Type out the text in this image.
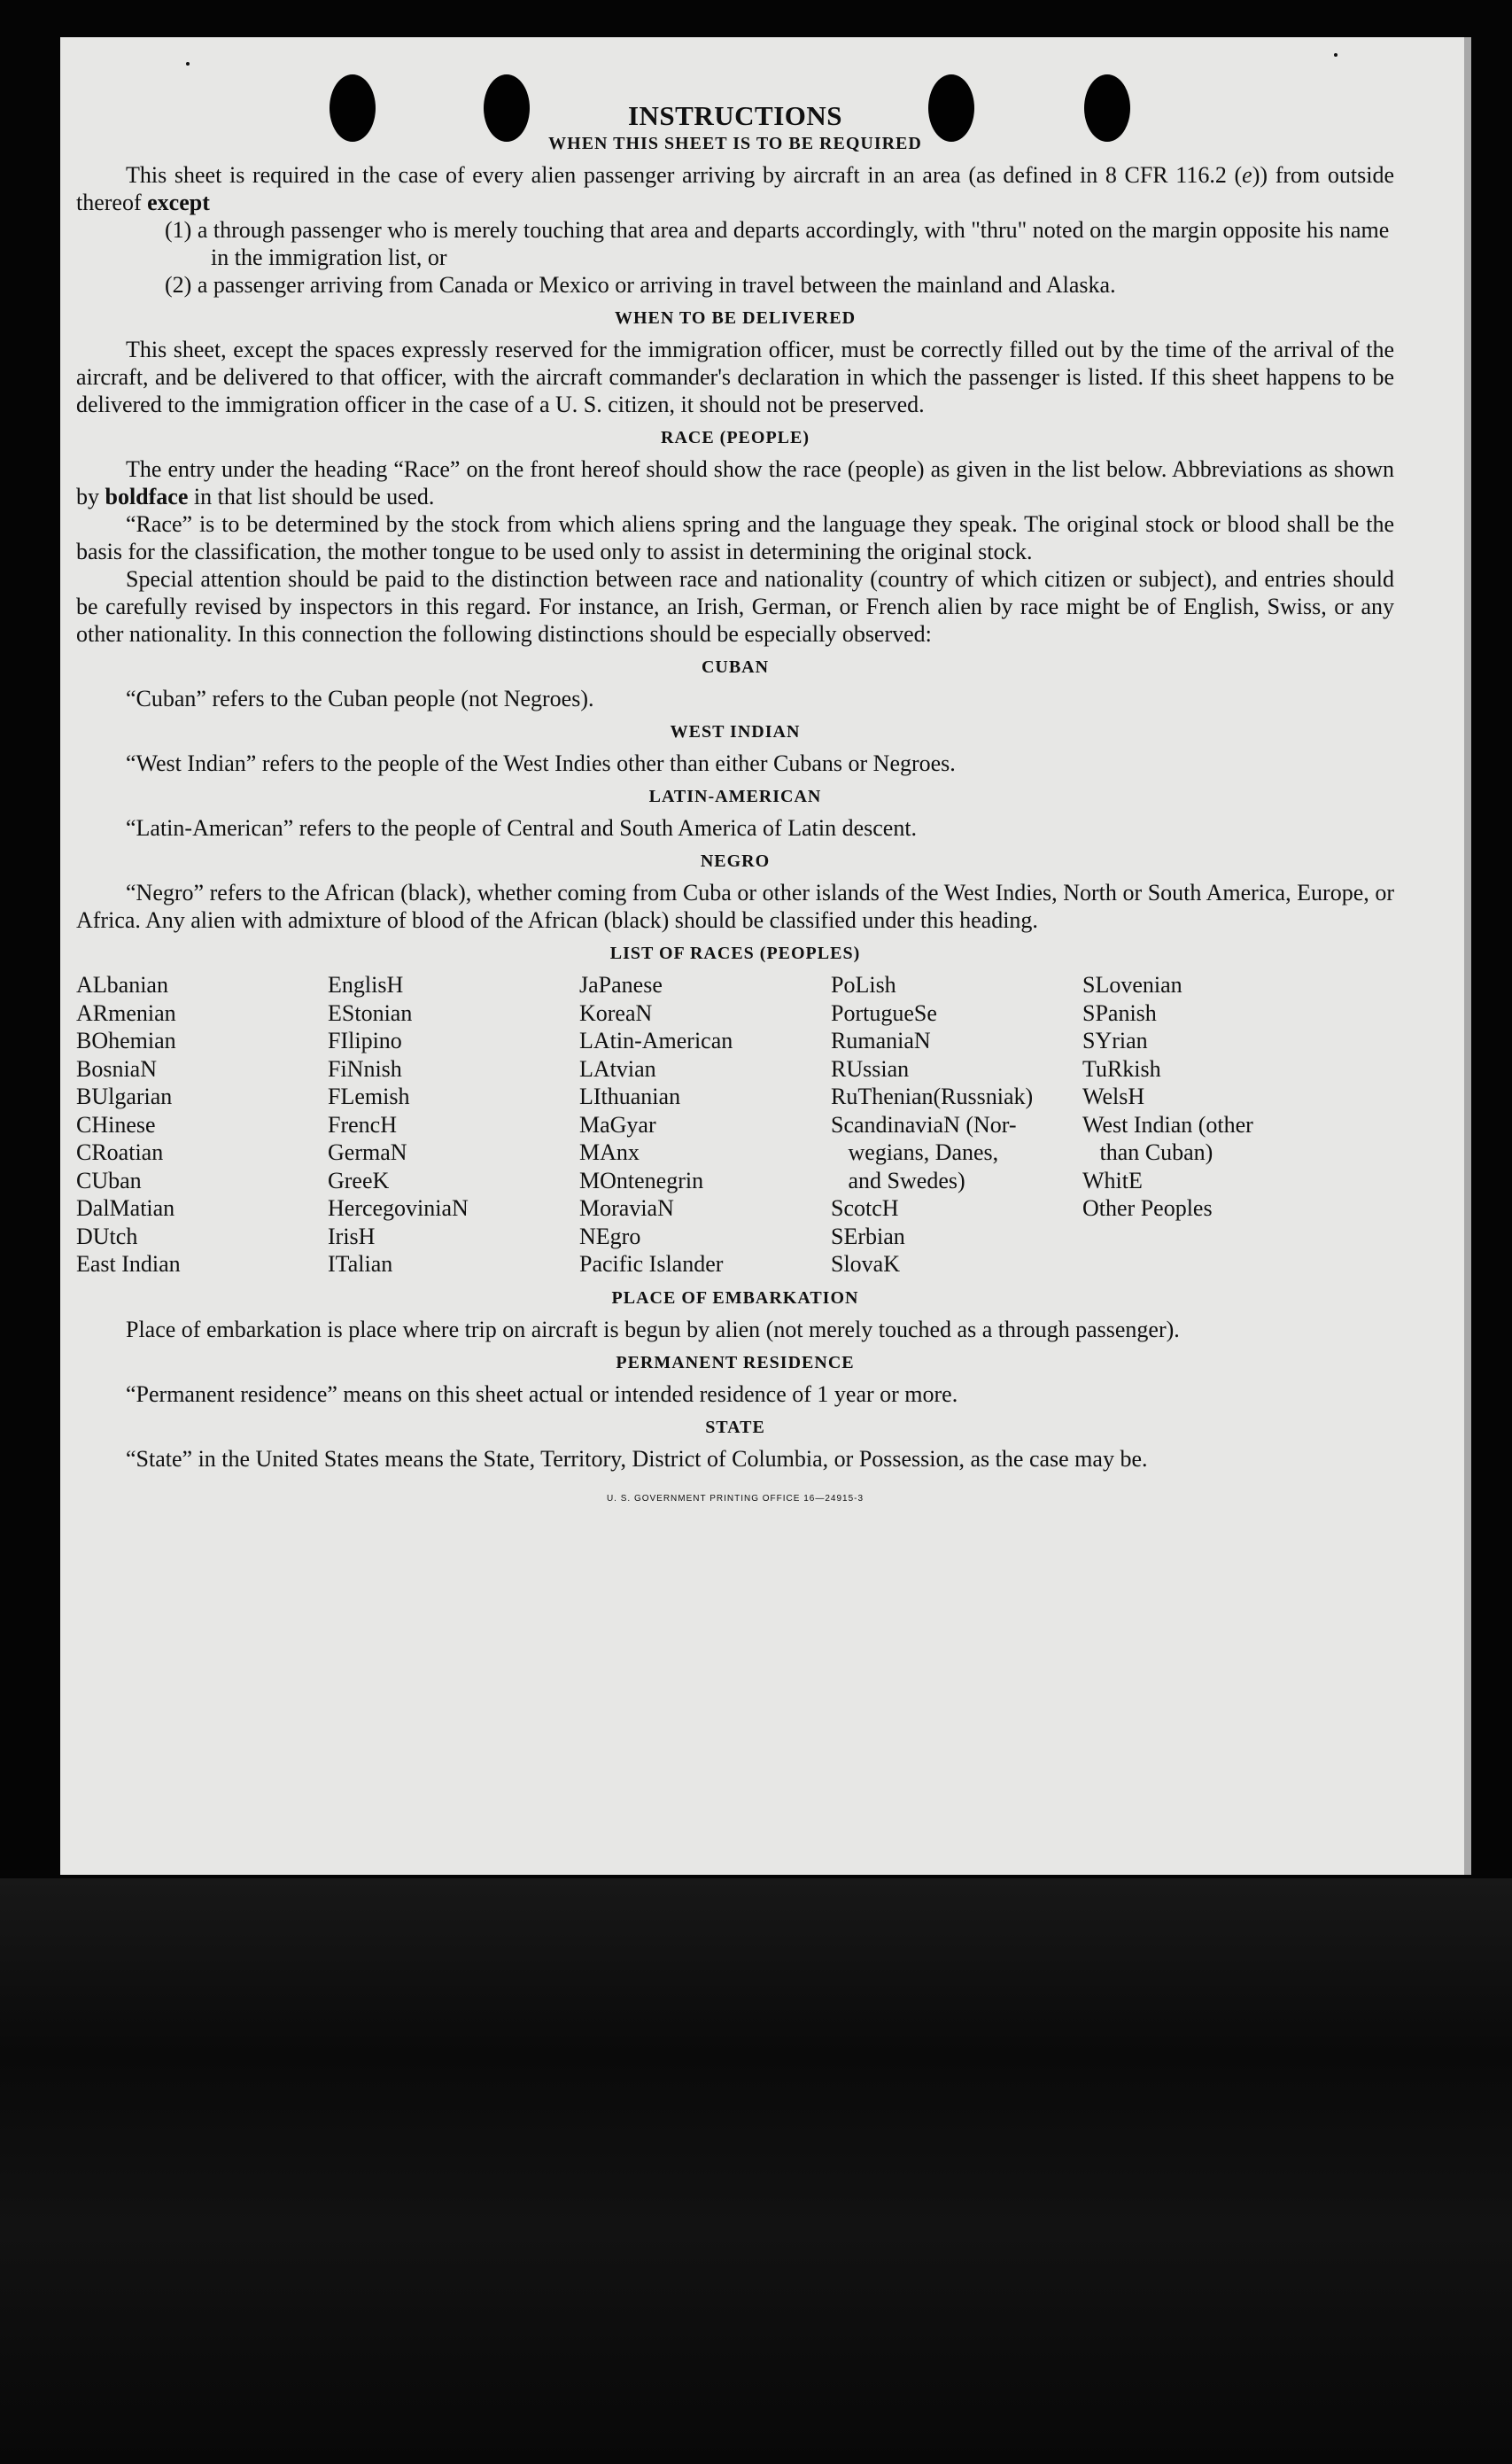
INSTRUCTIONS
WHEN THIS SHEET IS TO BE REQUIRED

This sheet is required in the case of every alien passenger arriving by aircraft in an area (as defined in 8 CFR 116.2 (e)) from outside thereof except

(1) a through passenger who is merely touching that area and departs accordingly, with "thru" noted on the margin opposite his name in the immigration list, or

(2) a passenger arriving from Canada or Mexico or arriving in travel between the mainland and Alaska.

WHEN TO BE DELIVERED

This sheet, except the spaces expressly reserved for the immigration officer, must be correctly filled out by the time of the arrival of the aircraft, and be delivered to that officer, with the aircraft commander's declaration in which the passenger is listed. If this sheet happens to be delivered to the immigration officer in the case of a U. S. citizen, it should not be preserved.

RACE (PEOPLE)

The entry under the heading “Race” on the front hereof should show the race (people) as given in the list below. Abbreviations as shown by boldface in that list should be used.

“Race” is to be determined by the stock from which aliens spring and the language they speak. The original stock or blood shall be the basis for the classification, the mother tongue to be used only to assist in determining the original stock.

Special attention should be paid to the distinction between race and nationality (country of which citizen or subject), and entries should be carefully revised by inspectors in this regard. For instance, an Irish, German, or French alien by race might be of English, Swiss, or any other nationality. In this connection the following distinctions should be especially observed:

CUBAN

“Cuban” refers to the Cuban people (not Negroes).

WEST INDIAN

“West Indian” refers to the people of the West Indies other than either Cubans or Negroes.

LATIN-AMERICAN

“Latin-American” refers to the people of Central and South America of Latin descent.

NEGRO

“Negro” refers to the African (black), whether coming from Cuba or other islands of the West Indies, North or South America, Europe, or Africa. Any alien with admixture of blood of the African (black) should be classified under this heading.

LIST OF RACES (PEOPLES)
ALbanian
ARmenian
BOhemian
BosniaN
BUlgarian
CHinese
CRoatian
CUban
DalMatian
DUtch
East Indian
EnglisH
EStonian
FIlipino
FiNnish
FLemish
FrencH
GermaN
GreeK
HercegoviniaN
IrisH
ITalian
JaPanese
KoreaN
LAtin-American
LAtvian
LIthuanian
MaGyar
MAnx
MOntenegrin
MoraviaN
NEgro
Pacific Islander
PoLish
PortugueSe
RumaniaN
RUssian
RuThenian(Russniak)
ScandinaviaN (Nor-
wegians, Danes,
and Swedes)
ScotcH
SErbian
SlovaK
SLovenian
SPanish
SYrian
TuRkish
WelsH
West Indian (other
than Cuban)
WhitE
Other Peoples
PLACE OF EMBARKATION

Place of embarkation is place where trip on aircraft is begun by alien (not merely touched as a through passenger).

PERMANENT RESIDENCE

“Permanent residence” means on this sheet actual or intended residence of 1 year or more.

STATE

“State” in the United States means the State, Territory, District of Columbia, or Possession, as the case may be.

U. S. GOVERNMENT PRINTING OFFICE 16—24915-3
